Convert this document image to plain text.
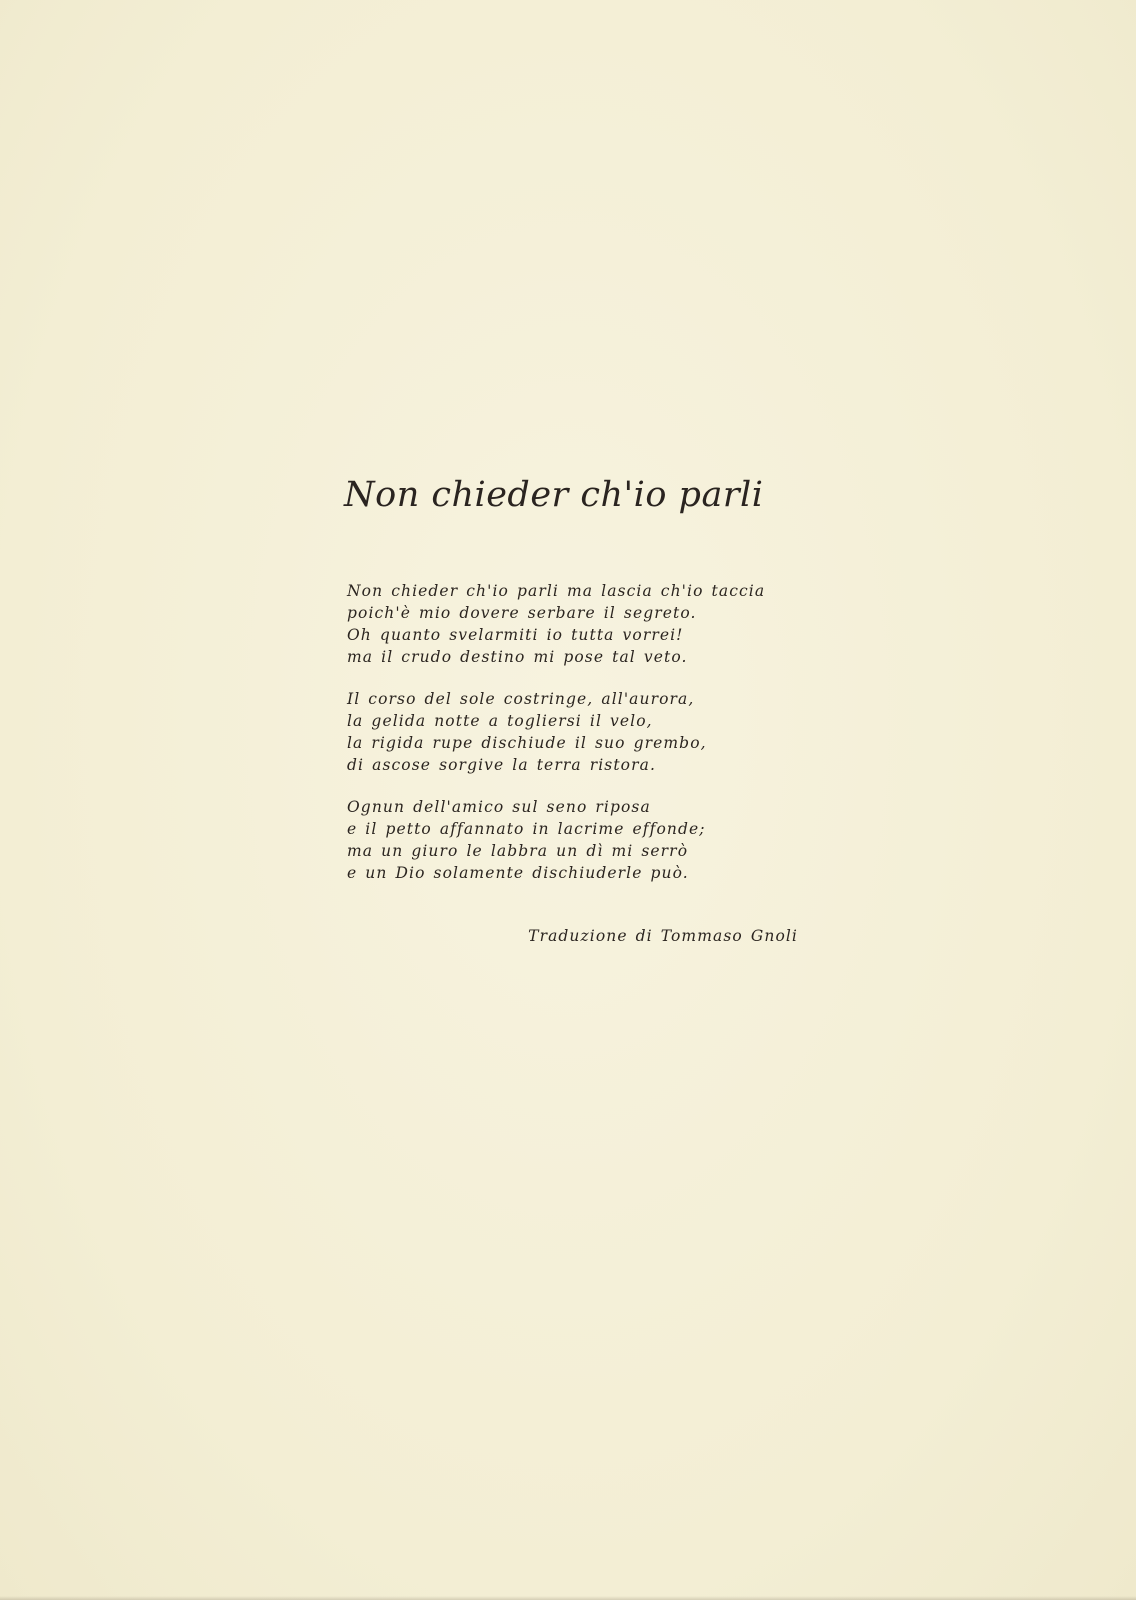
Non chieder ch'io parli
Non chieder ch'io parli ma lascia ch'io taccia
poich'è mio dovere serbare il segreto.
Oh quanto svelarmiti io tutta vorrei!
ma il crudo destino mi pose tal veto.
Il corso del sole costringe, all'aurora,
la gelida notte a togliersi il velo,
la rigida rupe dischiude il suo grembo,
di ascose sorgive la terra ristora.
Ognun dell'amico sul seno riposa
e il petto affannato in lacrime effonde;
ma un giuro le labbra un dì mi serrò
e un Dio solamente dischiuderle può.
Traduzione di Tommaso Gnoli
